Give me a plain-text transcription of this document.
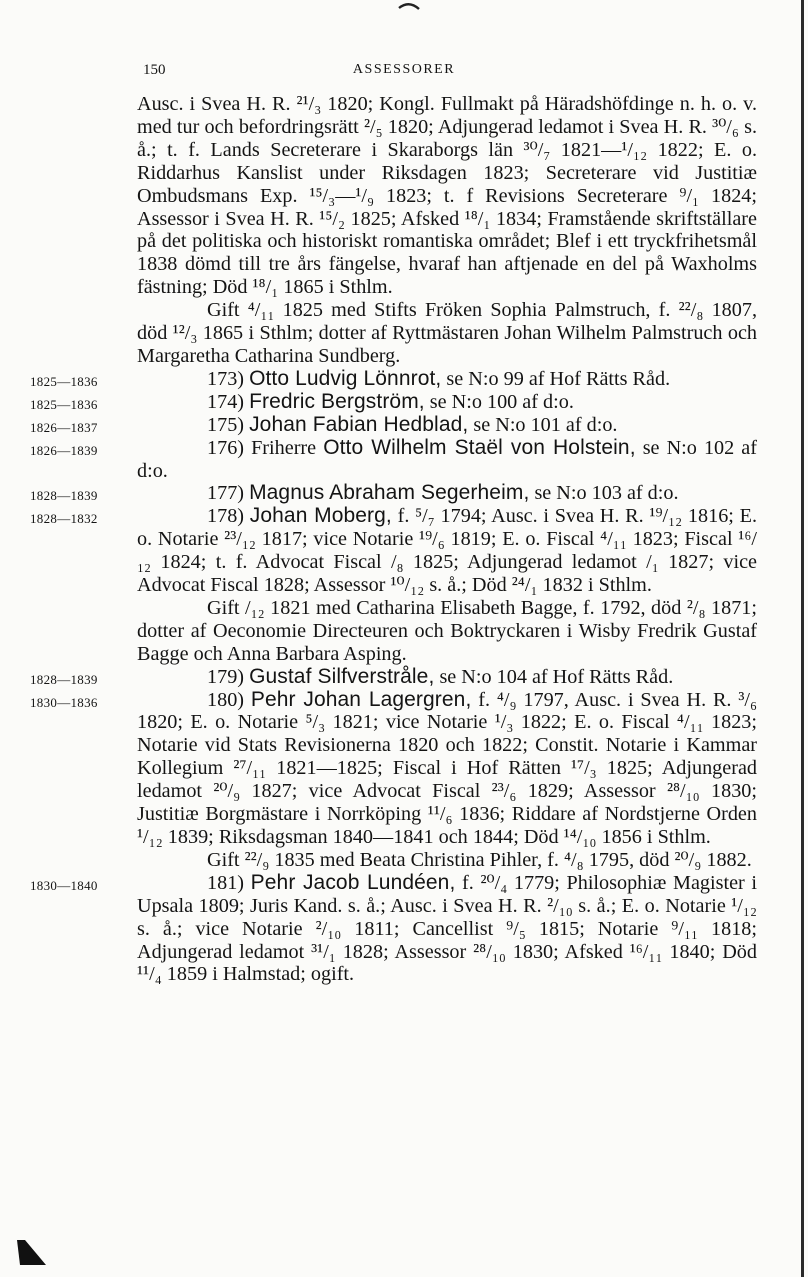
150	ASSESSORER

Ausc. i Svea H. R. ²¹/₃ 1820; Kongl. Fullmakt på Häradshöfdinge n. h. o. v. med tur och befordringsrätt ²/₅ 1820; Adjungerad ledamot i Svea H. R. ³⁰/₆ s. å.; t. f. Lands Secreterare i Skaraborgs län ³⁰/₇ 1821—¹/₁₂ 1822; E. o. Riddarhus Kanslist under Riksdagen 1823; Secreterare vid Justitiæ Ombudsmans Exp. ¹⁵/₃—¹/₉ 1823; t. f Revisions Secreterare ⁹/₁ 1824; Assessor i Svea H. R. ¹⁵/₂ 1825; Afsked ¹⁸/₁ 1834; Framstående skriftställare på det politiska och historiskt romantiska området; Blef i ett tryckfrihetsmål 1838 dömd till tre års fängelse, hvaraf han aftjenade en del på Waxholms fästning; Död ¹⁸/₁ 1865 i Sthlm.

Gift ⁴/₁₁ 1825 med Stifts Fröken Sophia Palmstruch, f. ²²/₈ 1807, död ¹²/₃ 1865 i Sthlm; dotter af Ryttmästaren Johan Wilhelm Palmstruch och Margaretha Catharina Sundberg.

1825—1836	173) Otto Ludvig Lönnrot, se N:o 99 af Hof Rätts Råd.

1825—1836	174) Fredric Bergström, se N:o 100 af d:o.

1826—1837	175) Johan Fabian Hedblad, se N:o 101 af d:o.

1826—1839	176) Friherre Otto Wilhelm Staël von Holstein, se N:o 102 af d:o.

1828—1839	177) Magnus Abraham Segerheim, se N:o 103 af d:o.

1828—1832	178) Johan Moberg, f. ⁵/₇ 1794; Ausc. i Svea H. R. ¹⁹/₁₂ 1816; E. o. Notarie ²³/₁₂ 1817; vice Notarie ¹⁹/₆ 1819; E. o. Fiscal ⁴/₁₁ 1823; Fiscal ¹⁶/₁₂ 1824; t. f. Advocat Fiscal /₈ 1825; Adjungerad ledamot /₁ 1827; vice Advocat Fiscal 1828; Assessor ¹⁰/₁₂ s. å.; Död ²⁴/₁ 1832 i Sthlm.

Gift /₁₂ 1821 med Catharina Elisabeth Bagge, f. 1792, död ²/₈ 1871; dotter af Oeconomie Directeuren och Boktryckaren i Wisby Fredrik Gustaf Bagge och Anna Barbara Asping.

1828—1839	179) Gustaf Silfverstråle, se N:o 104 af Hof Rätts Råd.

1830—1836	180) Pehr Johan Lagergren, f. ⁴/₉ 1797, Ausc. i Svea H. R. ³/₆ 1820; E. o. Notarie ⁵/₃ 1821; vice Notarie ¹/₃ 1822; E. o. Fiscal ⁴/₁₁ 1823; Notarie vid Stats Revisionerna 1820 och 1822; Constit. Notarie i Kammar Kollegium ²⁷/₁₁ 1821—1825; Fiscal i Hof Rätten ¹⁷/₃ 1825; Adjungerad ledamot ²⁰/₉ 1827; vice Advocat Fiscal ²³/₆ 1829; Assessor ²⁸/₁₀ 1830; Justitiæ Borgmästare i Norrköping ¹¹/₆ 1836; Riddare af Nordstjerne Orden ¹/₁₂ 1839; Riksdagsman 1840—1841 och 1844; Död ¹⁴/₁₀ 1856 i Sthlm.

Gift ²²/₉ 1835 med Beata Christina Pihler, f. ⁴/₈ 1795, död ²⁰/₉ 1882.

1830—1840	181) Pehr Jacob Lundéen, f. ²⁰/₄ 1779; Philosophiæ Magister i Upsala 1809; Juris Kand. s. å.; Ausc. i Svea H. R. ²/₁₀ s. å.; E. o. Notarie ¹/₁₂ s. å.; vice Notarie ²/₁₀ 1811; Cancellist ⁹/₅ 1815; Notarie ⁹/₁₁ 1818; Adjungerad ledamot ³¹/₁ 1828; Assessor ²⁸/₁₀ 1830; Afsked ¹⁶/₁₁ 1840; Död ¹¹/₄ 1859 i Halmstad; ogift.
